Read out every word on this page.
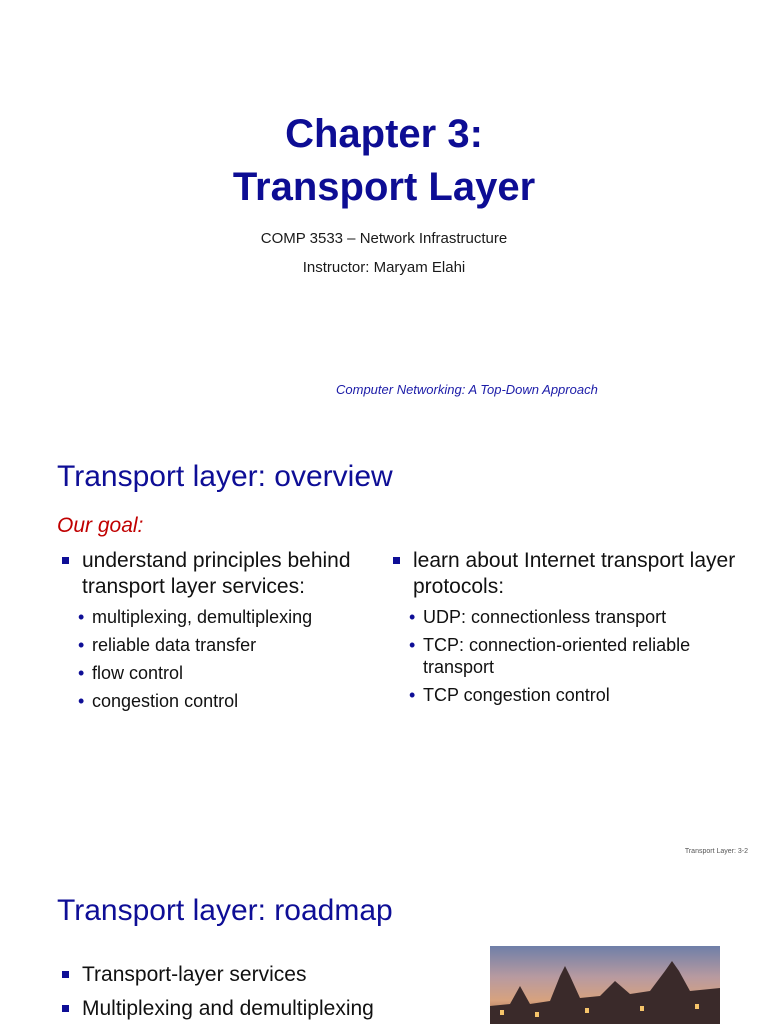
Chapter 3:
Transport Layer
COMP 3533 – Network Infrastructure
Instructor: Maryam Elahi
Computer Networking: A Top-Down Approach
Transport layer: overview
Our goal:
understand principles behind transport layer services:
• multiplexing, demultiplexing
• reliable data transfer
• flow control
• congestion control
learn about Internet transport layer protocols:
• UDP: connectionless transport
• TCP: connection-oriented reliable transport
• TCP congestion control
Transport Layer: 3-2
Transport layer: roadmap
Transport-layer services
Multiplexing and demultiplexing
